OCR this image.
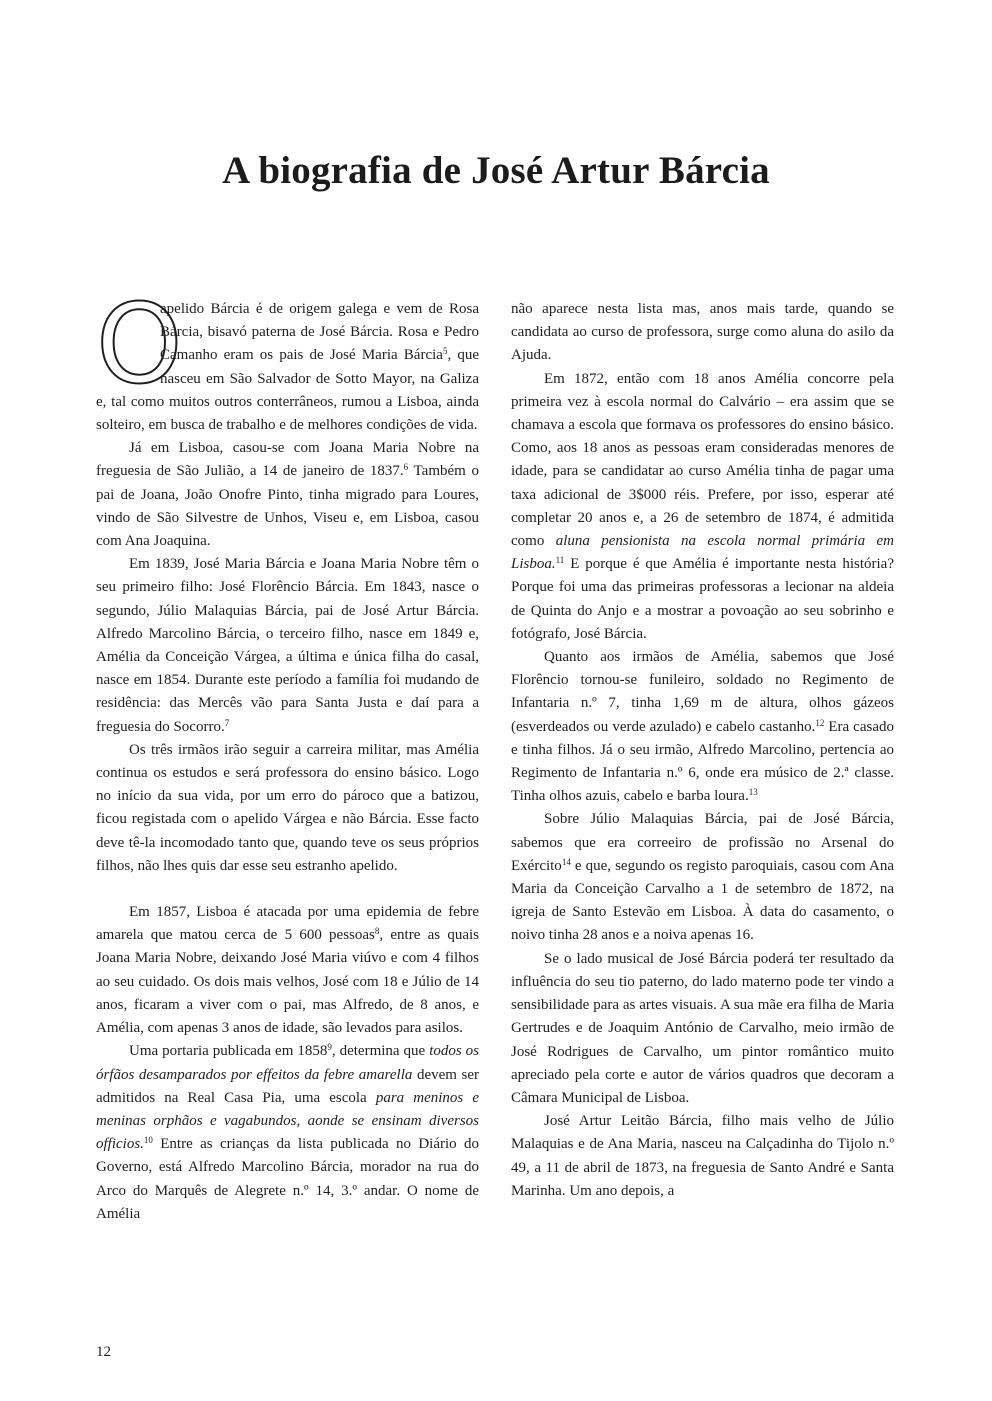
A biografia de José Artur Bárcia

O
apelido Bárcia é de origem galega e vem de Rosa Bárcia, bisavó paterna de José Bárcia. Rosa e Pedro Camanho eram os pais de José Maria Bárcia$^5$, que nasceu em São Salvador de Sotto Mayor, na Galiza e, tal como muitos outros conterrâneos, rumou a Lisboa, ainda solteiro, em busca de trabalho e de melhores condições de vida.

Já em Lisboa, casou-se com Joana Maria Nobre na freguesia de São Julião, a 14 de janeiro de 1837.$^6$ Também o pai de Joana, João Onofre Pinto, tinha migrado para Loures, vindo de São Silvestre de Unhos, Viseu e, em Lisboa, casou com Ana Joaquina.

Em 1839, José Maria Bárcia e Joana Maria Nobre têm o seu primeiro filho: José Florêncio Bárcia. Em 1843, nasce o segundo, Júlio Malaquias Bárcia, pai de José Artur Bárcia. Alfredo Marcolino Bárcia, o terceiro filho, nasce em 1849 e, Amélia da Conceição Várgea, a última e única filha do casal, nasce em 1854. Durante este período a família foi mudando de residência: das Mercês vão para Santa Justa e daí para a freguesia do Socorro.$^7$

Os três irmãos irão seguir a carreira militar, mas Amélia continua os estudos e será professora do ensino básico. Logo no início da sua vida, por um erro do pároco que a batizou, ficou registada com o apelido Várgea e não Bárcia. Esse facto deve tê-la incomodado tanto que, quando teve os seus próprios filhos, não lhes quis dar esse seu estranho apelido.

Em 1857, Lisboa é atacada por uma epidemia de febre amarela que matou cerca de 5 600 pessoas$^8$, entre as quais Joana Maria Nobre, deixando José Maria viúvo e com 4 filhos ao seu cuidado. Os dois mais velhos, José com 18 e Júlio de 14 anos, ficaram a viver com o pai, mas Alfredo, de 8 anos, e Amélia, com apenas 3 anos de idade, são levados para asilos.

Uma portaria publicada em 1858$^9$, determina que todos os órfãos desamparados por effeitos da febre amarella devem ser admitidos na Real Casa Pia, uma escola para meninos e meninas orphãos e vagabundos, aonde se ensinam diversos officios.$^{10}$ Entre as crianças da lista publicada no Diário do Governo, está Alfredo Marcolino Bárcia, morador na rua do Arco do Marquês de Alegrete n.º 14, 3.º andar. O nome de Amélia

não aparece nesta lista mas, anos mais tarde, quando se candidata ao curso de professora, surge como aluna do asilo da Ajuda.

Em 1872, então com 18 anos Amélia concorre pela primeira vez à escola normal do Calvário – era assim que se chamava a escola que formava os professores do ensino básico. Como, aos 18 anos as pessoas eram consideradas menores de idade, para se candidatar ao curso Amélia tinha de pagar uma taxa adicional de 3$000 réis. Prefere, por isso, esperar até completar 20 anos e, a 26 de setembro de 1874, é admitida como aluna pensionista na escola normal primária em Lisboa.$^{11}$ E porque é que Amélia é importante nesta história? Porque foi uma das primeiras professoras a lecionar na aldeia de Quinta do Anjo e a mostrar a povoação ao seu sobrinho e fotógrafo, José Bárcia.

Quanto aos irmãos de Amélia, sabemos que José Florêncio tornou-se funileiro, soldado no Regimento de Infantaria n.º 7, tinha 1,69 m de altura, olhos gázeos (esverdeados ou verde azulado) e cabelo castanho.$^{12}$ Era casado e tinha filhos. Já o seu irmão, Alfredo Marcolino, pertencia ao Regimento de Infantaria n.º 6, onde era músico de 2.ª classe. Tinha olhos azuis, cabelo e barba loura.$^{13}$

Sobre Júlio Malaquias Bárcia, pai de José Bárcia, sabemos que era correeiro de profissão no Arsenal do Exército$^{14}$ e que, segundo os registo paroquiais, casou com Ana Maria da Conceição Carvalho a 1 de setembro de 1872, na igreja de Santo Estevão em Lisboa. À data do casamento, o noivo tinha 28 anos e a noiva apenas 16.

Se o lado musical de José Bárcia poderá ter resultado da influência do seu tio paterno, do lado materno pode ter vindo a sensibilidade para as artes visuais. A sua mãe era filha de Maria Gertrudes e de Joaquim António de Carvalho, meio irmão de José Rodrigues de Carvalho, um pintor romântico muito apreciado pela corte e autor de vários quadros que decoram a Câmara Municipal de Lisboa.

José Artur Leitão Bárcia, filho mais velho de Júlio Malaquias e de Ana Maria, nasceu na Calçadinha do Tijolo n.º 49, a 11 de abril de 1873, na freguesia de Santo André e Santa Marinha. Um ano depois, a

12
